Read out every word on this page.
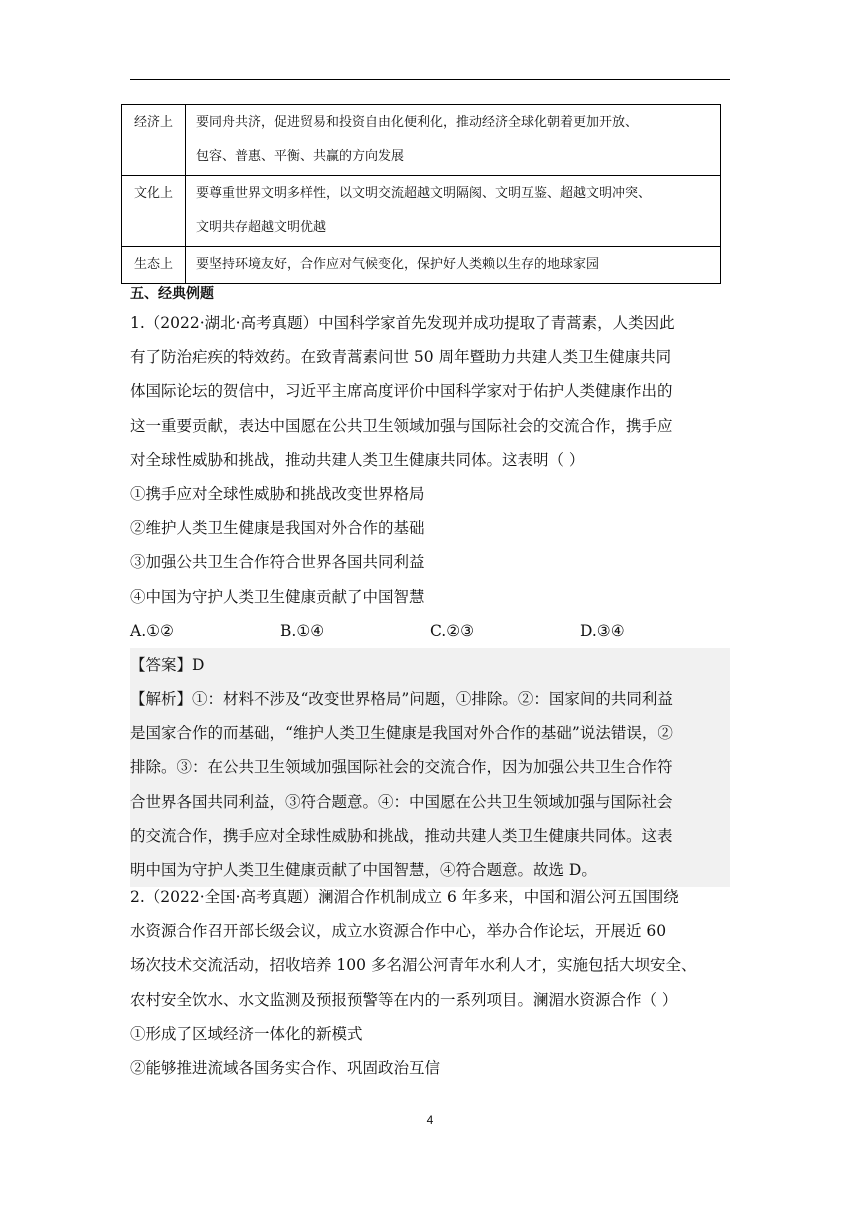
经济上	要同舟共济，促进贸易和投资自由化便利化，推动经济全球化朝着更加开放、
包容、普惠、平衡、共赢的方向发展

文化上	要尊重世界文明多样性，以文明交流超越文明隔阂、文明互鉴、超越文明冲突、
文明共存超越文明优越

生态上	要坚持环境友好，合作应对气候变化，保护好人类赖以生存的地球家园
五、经典例题
1.（2022·湖北·高考真题）中国科学家首先发现并成功提取了青蒿素，人类因此
有了防治疟疾的特效药。在致青蒿素问世 50 周年暨助力共建人类卫生健康共同
体国际论坛的贺信中，习近平主席高度评价中国科学家对于佑护人类健康作出的
这一重要贡献，表达中国愿在公共卫生领域加强与国际社会的交流合作，携手应
对全球性威胁和挑战，推动共建人类卫生健康共同体。这表明（ ）
①携手应对全球性威胁和挑战改变世界格局
②维护人类卫生健康是我国对外合作的基础
③加强公共卫生合作符合世界各国共同利益
④中国为守护人类卫生健康贡献了中国智慧
A.①②	B.①④	C.②③	D.③④
【答案】D
【解析】①：材料不涉及“改变世界格局”问题，①排除。②：国家间的共同利益
是国家合作的而基础，“维护人类卫生健康是我国对外合作的基础”说法错误，②
排除。③：在公共卫生领域加强国际社会的交流合作，因为加强公共卫生合作符
合世界各国共同利益，③符合题意。④：中国愿在公共卫生领域加强与国际社会
的交流合作，携手应对全球性威胁和挑战，推动共建人类卫生健康共同体。这表
明中国为守护人类卫生健康贡献了中国智慧，④符合题意。故选 D。
2.（2022·全国·高考真题）澜湄合作机制成立 6 年多来，中国和湄公河五国围绕
水资源合作召开部长级会议，成立水资源合作中心，举办合作论坛，开展近 60
场次技术交流活动，招收培养 100 多名湄公河青年水利人才，实施包括大坝安全、
农村安全饮水、水文监测及预报预警等在内的一系列项目。澜湄水资源合作（ ）
①形成了区域经济一体化的新模式
②能够推进流域各国务实合作、巩固政治互信
4
